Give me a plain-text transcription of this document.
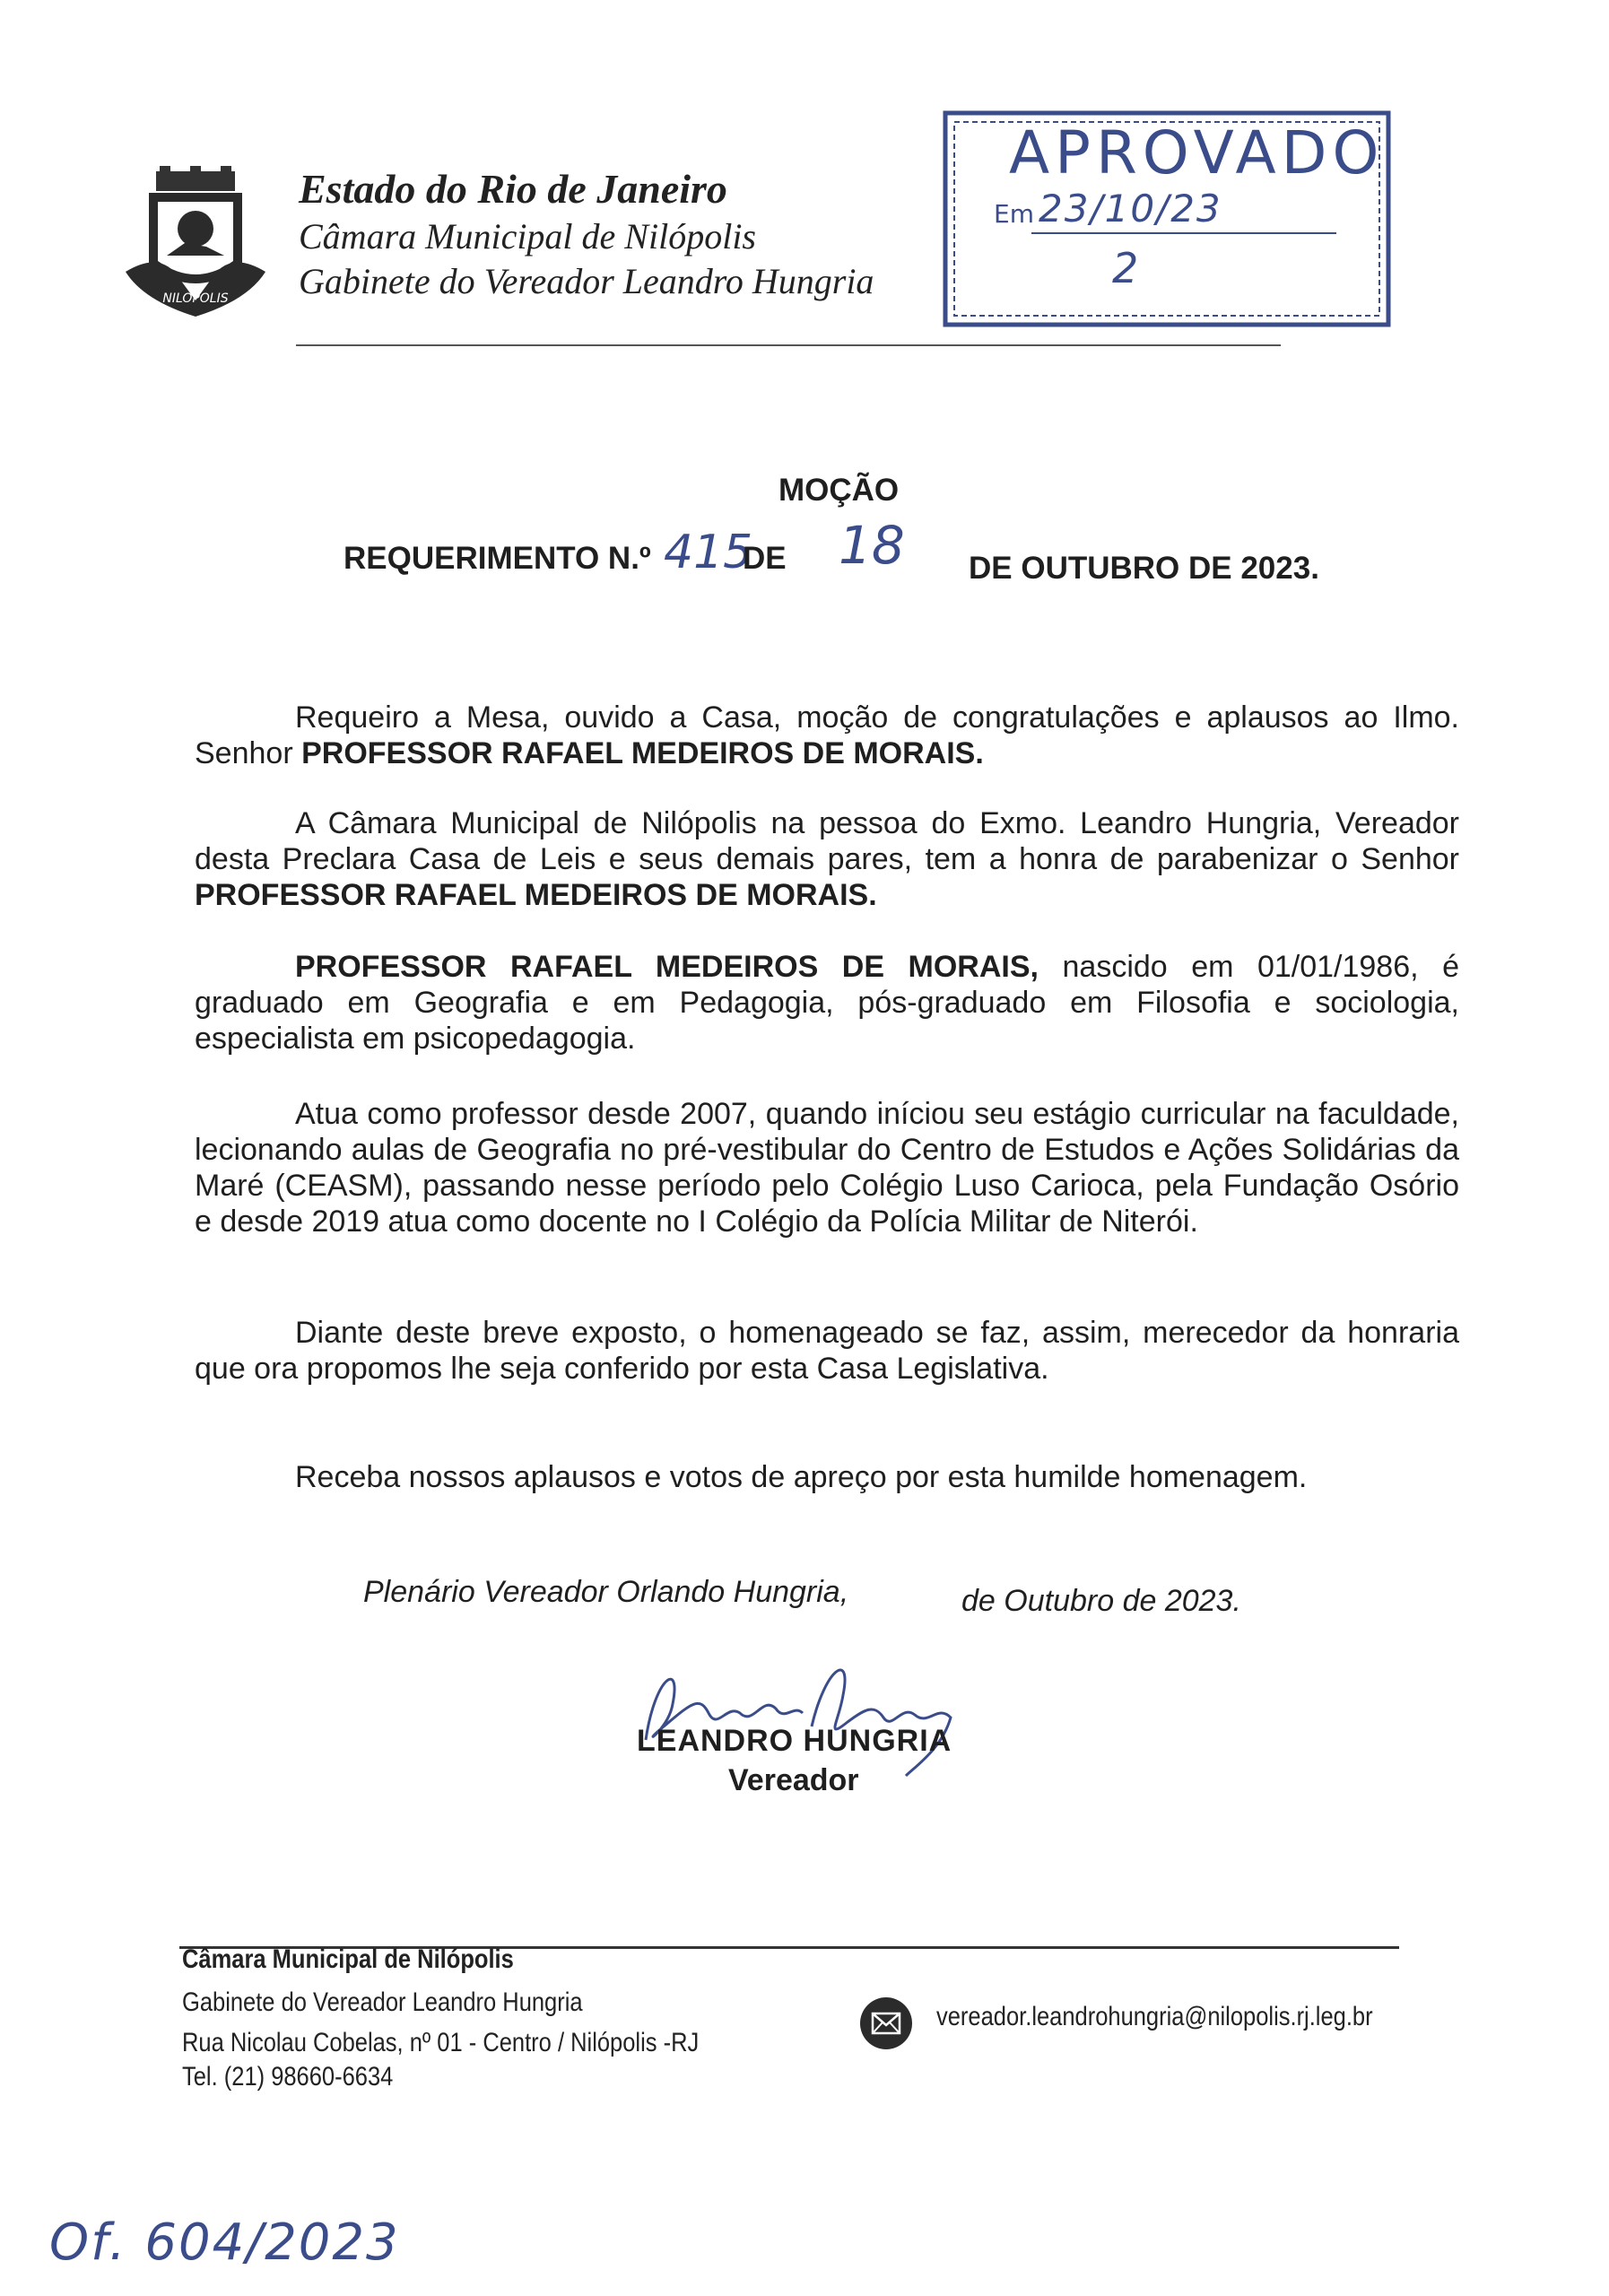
NILOPOLIS
Estado do Rio de Janeiro
Câmara Municipal de Nilópolis
Gabinete do Vereador Leandro Hungria
APROVADO
Em 23/10/23
2
MOÇÃO
REQUERIMENTO N.º 415
DE 18 DE OUTUBRO DE 2023.
Requeiro a Mesa, ouvido a Casa, moção de congratulações e aplausos ao Ilmo. Senhor PROFESSOR RAFAEL MEDEIROS DE MORAIS.
A Câmara Municipal de Nilópolis na pessoa do Exmo. Leandro Hungria, Vereador desta Preclara Casa de Leis e seus demais pares, tem a honra de parabenizar o Senhor PROFESSOR RAFAEL MEDEIROS DE MORAIS.
PROFESSOR RAFAEL MEDEIROS DE MORAIS, nascido em 01/01/1986, é graduado em Geografia e em Pedagogia, pós-graduado em Filosofia e sociologia, especialista em psicopedagogia.
Atua como professor desde 2007, quando iníciou seu estágio curricular na faculdade, lecionando aulas de Geografia no pré-vestibular do Centro de Estudos e Ações Solidárias da Maré (CEASM), passando nesse período pelo Colégio Luso Carioca, pela Fundação Osório e desde 2019 atua como docente no I Colégio da Polícia Militar de Niterói.
Diante deste breve exposto, o homenageado se faz, assim, merecedor da honraria que ora propomos lhe seja conferido por esta Casa Legislativa.
Receba nossos aplausos e votos de apreço por esta humilde homenagem.
Plenário Vereador Orlando Hungria,	de Outubro de 2023.
LEANDRO HUNGRIA
Vereador
Câmara Municipal de Nilópolis
Gabinete do Vereador Leandro Hungria
Rua Nicolau Cobelas, nº 01 - Centro / Nilópolis -RJ
Tel. (21) 98660-6634
vereador.leandrohungria@nilopolis.rj.leg.br
Of. 604/2023
